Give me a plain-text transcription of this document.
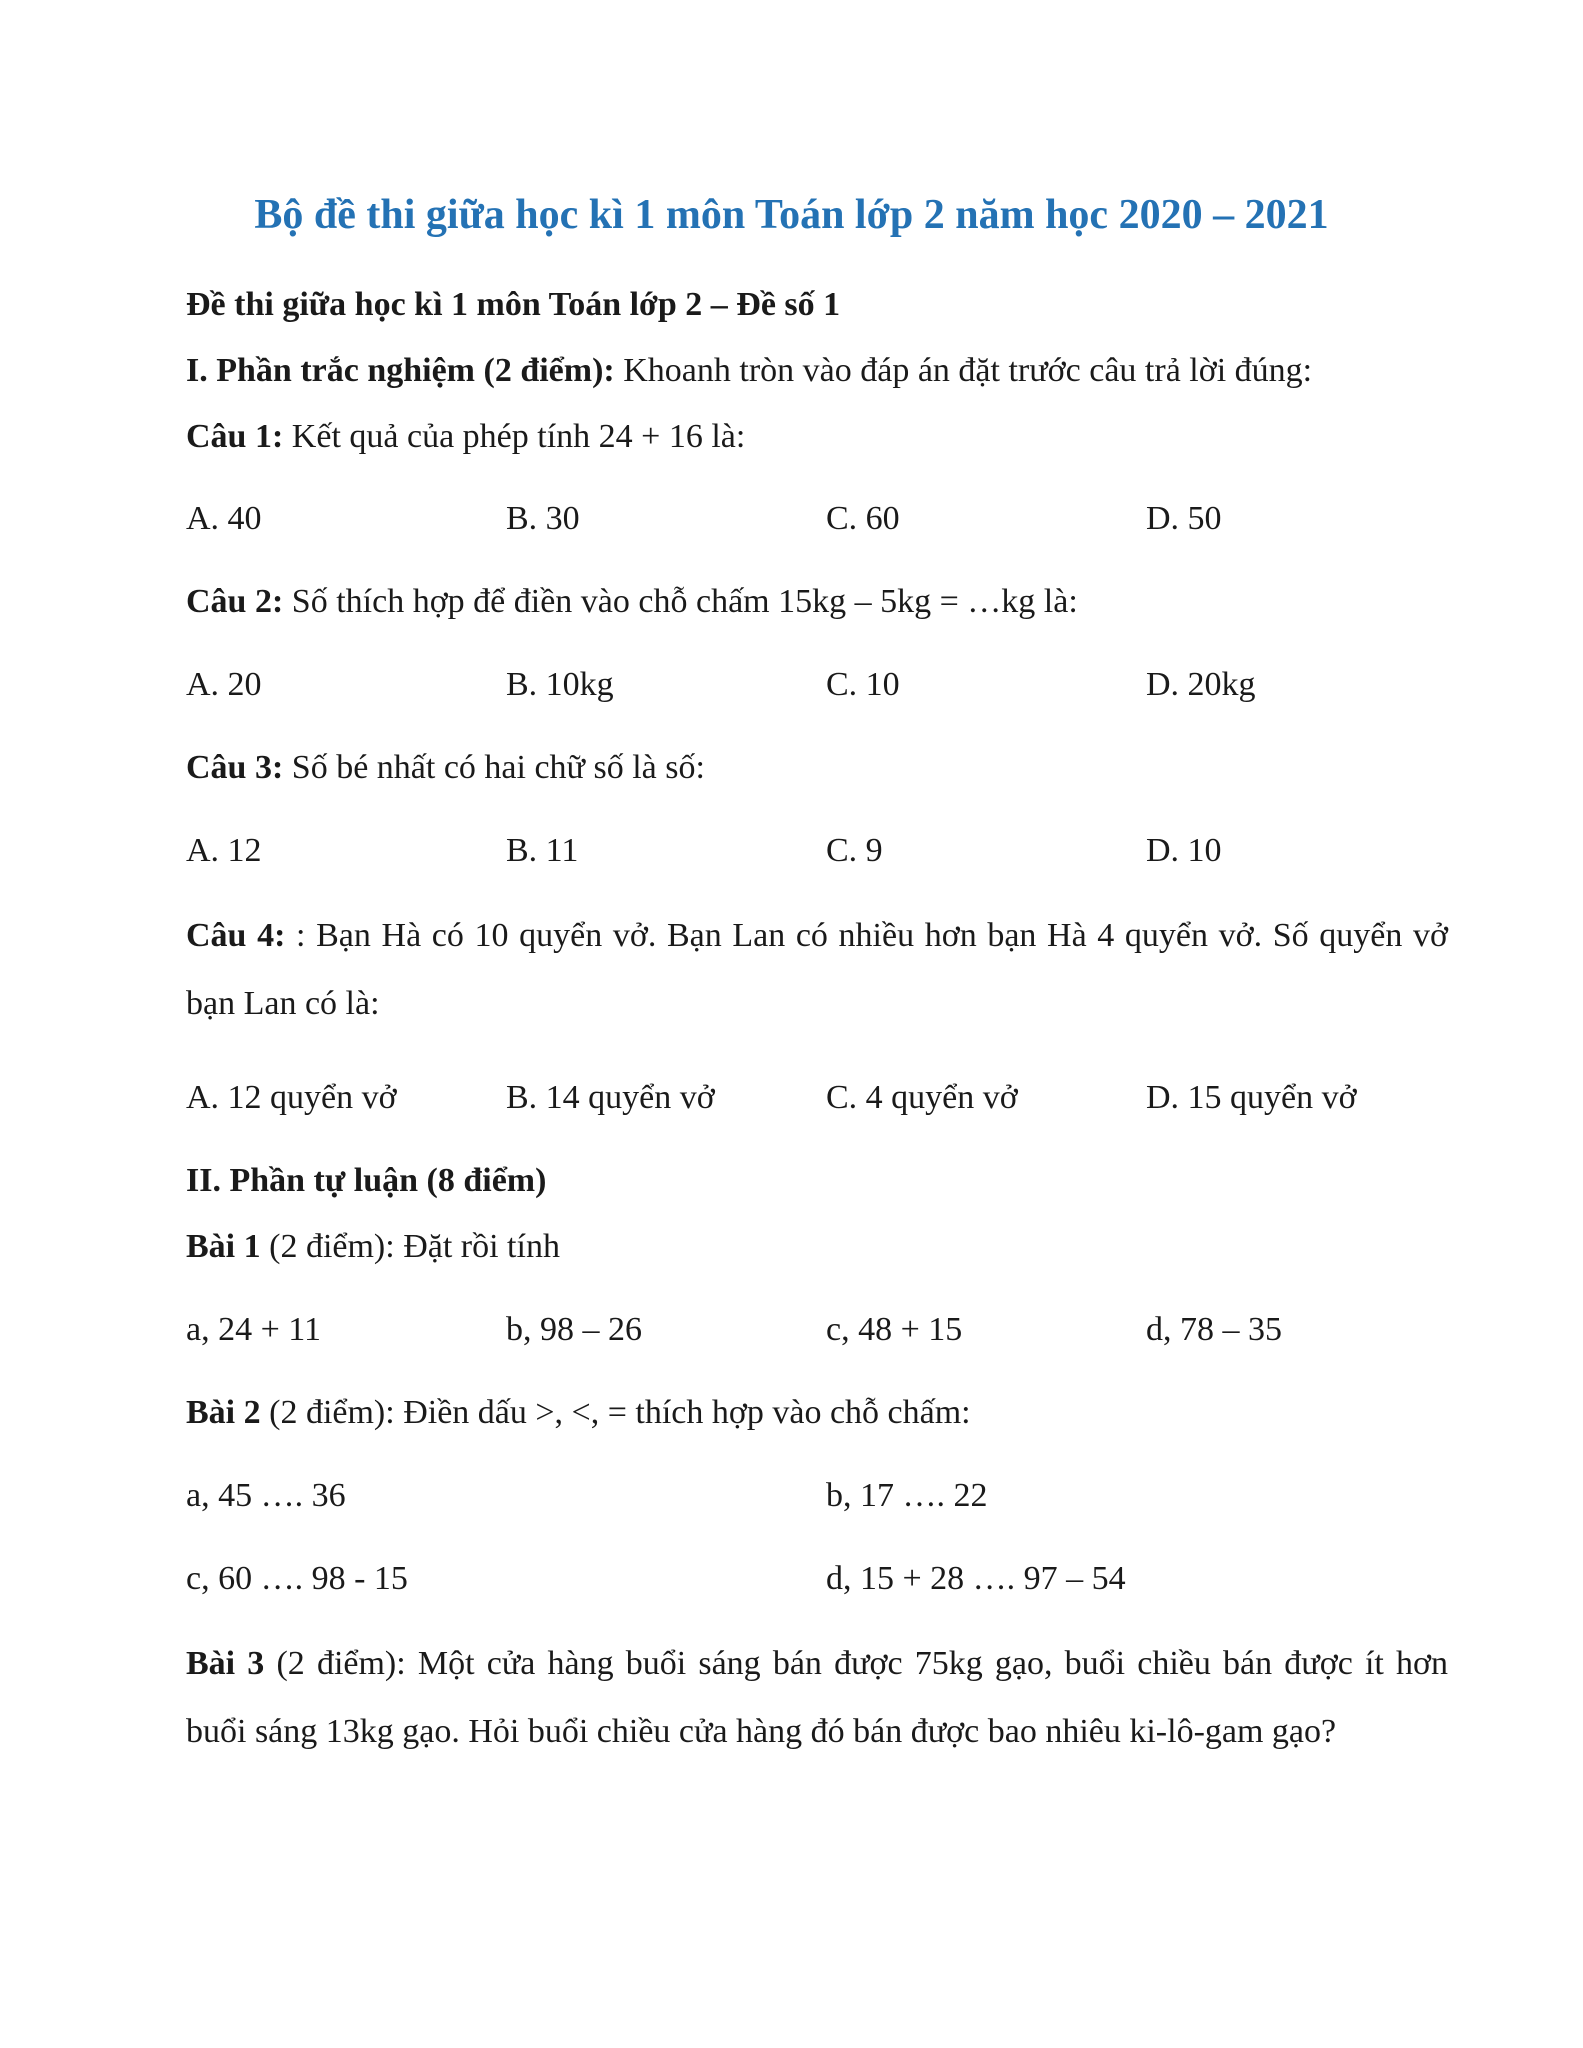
Bộ đề thi giữa học kì 1 môn Toán lớp 2 năm học 2020 – 2021
Đề thi giữa học kì 1 môn Toán lớp 2 – Đề số 1
I. Phần trắc nghiệm (2 điểm): Khoanh tròn vào đáp án đặt trước câu trả lời đúng:
Câu 1: Kết quả của phép tính 24 + 16 là:
A. 40	B. 30	C. 60	D. 50
Câu 2: Số thích hợp để điền vào chỗ chấm 15kg – 5kg = …kg là:
A. 20	B. 10kg	C. 10	D. 20kg
Câu 3: Số bé nhất có hai chữ số là số:
A. 12	B. 11	C. 9	D. 10
Câu 4: : Bạn Hà có 10 quyển vở. Bạn Lan có nhiều hơn bạn Hà 4 quyển vở. Số quyển vở bạn Lan có là:
A. 12 quyển vở	B. 14 quyển vở	C. 4 quyển vở	D. 15 quyển vở
II. Phần tự luận (8 điểm)
Bài 1 (2 điểm): Đặt rồi tính
a, 24 + 11	b, 98 – 26	c, 48 + 15	d, 78 – 35
Bài 2 (2 điểm): Điền dấu >, <, = thích hợp vào chỗ chấm:
a, 45 …. 36	b, 17 …. 22
c, 60 …. 98 - 15	d, 15 + 28 …. 97 – 54
Bài 3 (2 điểm): Một cửa hàng buổi sáng bán được 75kg gạo, buổi chiều bán được ít hơn buổi sáng 13kg gạo. Hỏi buổi chiều cửa hàng đó bán được bao nhiêu ki-lô-gam gạo?
